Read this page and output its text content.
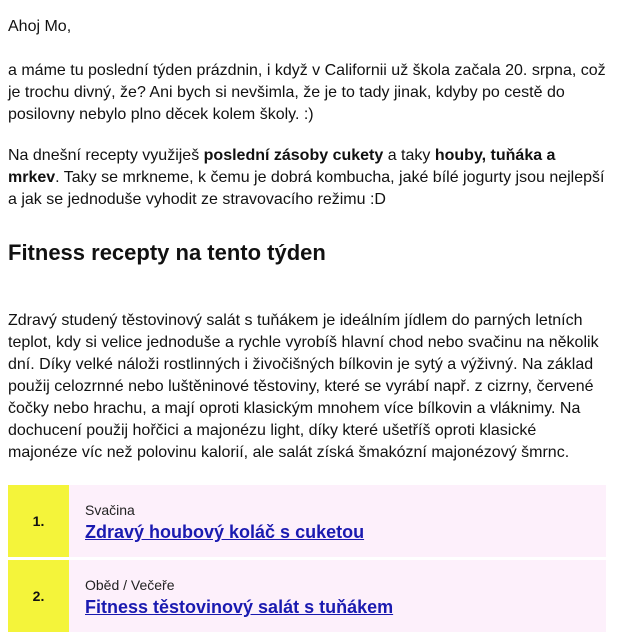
Ahoj Mo,

a máme tu poslední týden prázdnin, i když v Californii už škola začala 20. srpna, což je trochu divný, že? Ani bych si nevšimla, že je to tady jinak, kdyby po cestě do posilovny nebylo plno děcek kolem školy. :)

Na dnešní recepty využiješ poslední zásoby cukety a taky houby, tuňáka a mrkev. Taky se mrkneme, k čemu je dobrá kombucha, jaké bílé jogurty jsou nejlepší a jak se jednoduše vyhodit ze stravovacího režimu :D

Fitness recepty na tento týden

Zdravý studený těstovinový salát s tuňákem je ideálním jídlem do parných letních teplot, kdy si velice jednoduše a rychle vyrobíš hlavní chod nebo svačinu na několik dní. Díky velké náloži rostlinných i živočišných bílkovin je sytý a výživný. Na základ použij celozrnné nebo luštěninové těstoviny, které se vyrábí např. z cizrny, červené čočky nebo hrachu, a mají oproti klasickým mnohem více bílkovin a vláknimy. Na dochucení použij hořčici a majonézu light, díky které ušetříš oproti klasické majonéze víc než polovinu kalorií, ale salát získá šmakózní majonézový šmrnc.

1.
Svačina
Zdravý houbový koláč s cuketou
2.
Oběd / Večeře
Fitness těstovinový salát s tuňákem
